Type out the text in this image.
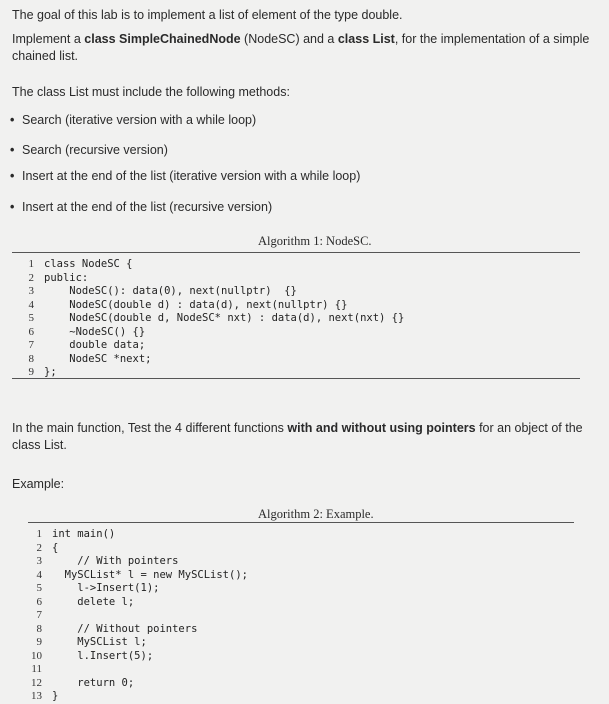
The goal of this lab is to implement a list of element of the type double.
Implement a class SimpleChainedNode (NodeSC) and a class List, for the implementation of a simple chained list.
The class List must include the following methods:
• Search (iterative version with a while loop)
• Search (recursive version)
• Insert at the end of the list (iterative version with a while loop)
• Insert at the end of the list (recursive version)
Algorithm 1: NodeSC.
1 class NodeSC {
2 public:
3    NodeSC(): data(0), next(nullptr)  {}
4    NodeSC(double d) : data(d), next(nullptr) {}
5    NodeSC(double d, NodeSC* nxt) : data(d), next(nxt) {}
6    ~NodeSC() {}
7    double data;
8    NodeSC *next;
9 };
In the main function, Test the 4 different functions with and without using pointers for an object of the class List.
Example:
Algorithm 2: Example.
1 int main()
2 {
3    // With pointers
4  MySCList* l = new MySCList();
5    l->Insert(1);
6    delete l;
7
8    // Without pointers
9    MySCList l;
10    l.Insert(5);
11
12    return 0;
13 }
